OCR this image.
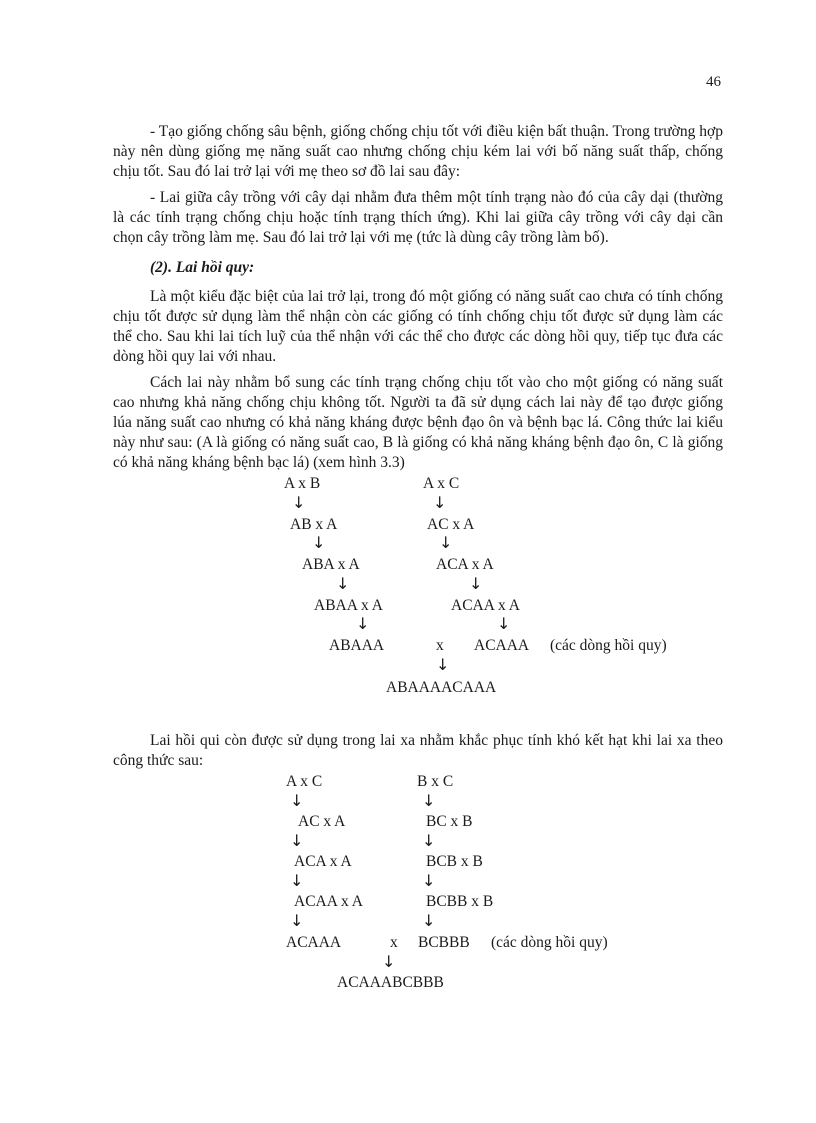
46

- Tạo giống chống sâu bệnh, giống chống chịu tốt với điều kiện bất thuận. Trong trường hợp này nên dùng giống mẹ năng suất cao nhưng chống chịu kém lai với bố năng suất thấp, chống chịu tốt. Sau đó lai trở lại với mẹ theo sơ đồ lai sau đây:

- Lai giữa cây trồng với cây dại nhằm đưa thêm một tính trạng nào đó của cây dại (thường là các tính trạng chống chịu hoặc tính trạng thích ứng). Khi lai giữa cây trồng với cây dại cần chọn cây trồng làm mẹ. Sau đó lai trở lại với mẹ (tức là dùng cây trồng làm bố).

(2). Lai hồi quy:

Là một kiểu đặc biệt của lai trở lại, trong đó một giống có năng suất cao chưa có tính chống chịu tốt được sử dụng làm thể nhận còn các giống có tính chống chịu tốt được sử dụng làm các thể cho. Sau khi lai tích luỹ của thể nhận với các thể cho được các dòng hồi quy, tiếp tục đưa các dòng hồi quy lai với nhau.

Cách lai này nhằm bổ sung các tính trạng chống chịu tốt vào cho một giống có năng suất cao nhưng khả năng chống chịu không tốt. Người ta đã sử dụng cách lai này để tạo được giống lúa năng suất cao nhưng có khả năng kháng được bệnh đạo ôn và bệnh bạc lá. Công thức lai kiểu này như sau: (A là giống có năng suất cao, B là giống có khả năng kháng bệnh đạo ôn, C là giống có khả năng kháng bệnh bạc lá) (xem hình 3.3)

A x B	A x C
↓	↓
AB x A	AC x A
↓	↓
ABA x A	ACA x A
↓	↓
ABAA x A	ACAA x A
↓	↓
ABAAA	x ACAAA (các dòng hồi quy)
↓
ABAAAACAAA

Lai hồi qui còn được sử dụng trong lai xa nhằm khắc phục tính khó kết hạt khi lai xa theo công thức sau:

A x C	B x C
↓	↓
AC x A	BC x B
↓	↓
ACA x A	BCB x B
↓	↓
ACAA x A	BCBB x B
↓	↓
ACAAA	x BCBBB (các dòng hồi quy)
↓
ACAAABCBBB
